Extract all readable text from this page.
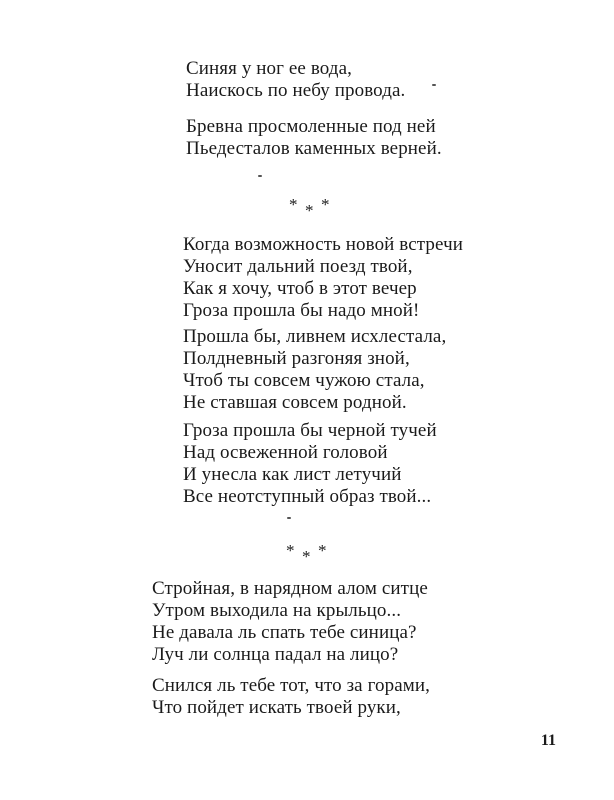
Синяя у ног ее вода,
Наискось по небу провода.
Бревна просмоленные под ней
Пьедесталов каменных верней.
* * *
Когда возможность новой встречи
Уносит дальний поезд твой,
Как я хочу, чтоб в этот вечер
Гроза прошла бы надо мной!
Прошла бы, ливнем исхлестала,
Полдневный разгоняя зной,
Чтоб ты совсем чужою стала,
Не ставшая совсем родной.
Гроза прошла бы черной тучей
Над освеженной головой
И унесла как лист летучий
Все неотступный образ твой...
* * *
Стройная, в нарядном алом ситце
Утром выходила на крыльцо...
Не давала ль спать тебе синица?
Луч ли солнца падал на лицо?
Снился ль тебе тот, что за горами,
Что пойдет искать твоей руки,
11
